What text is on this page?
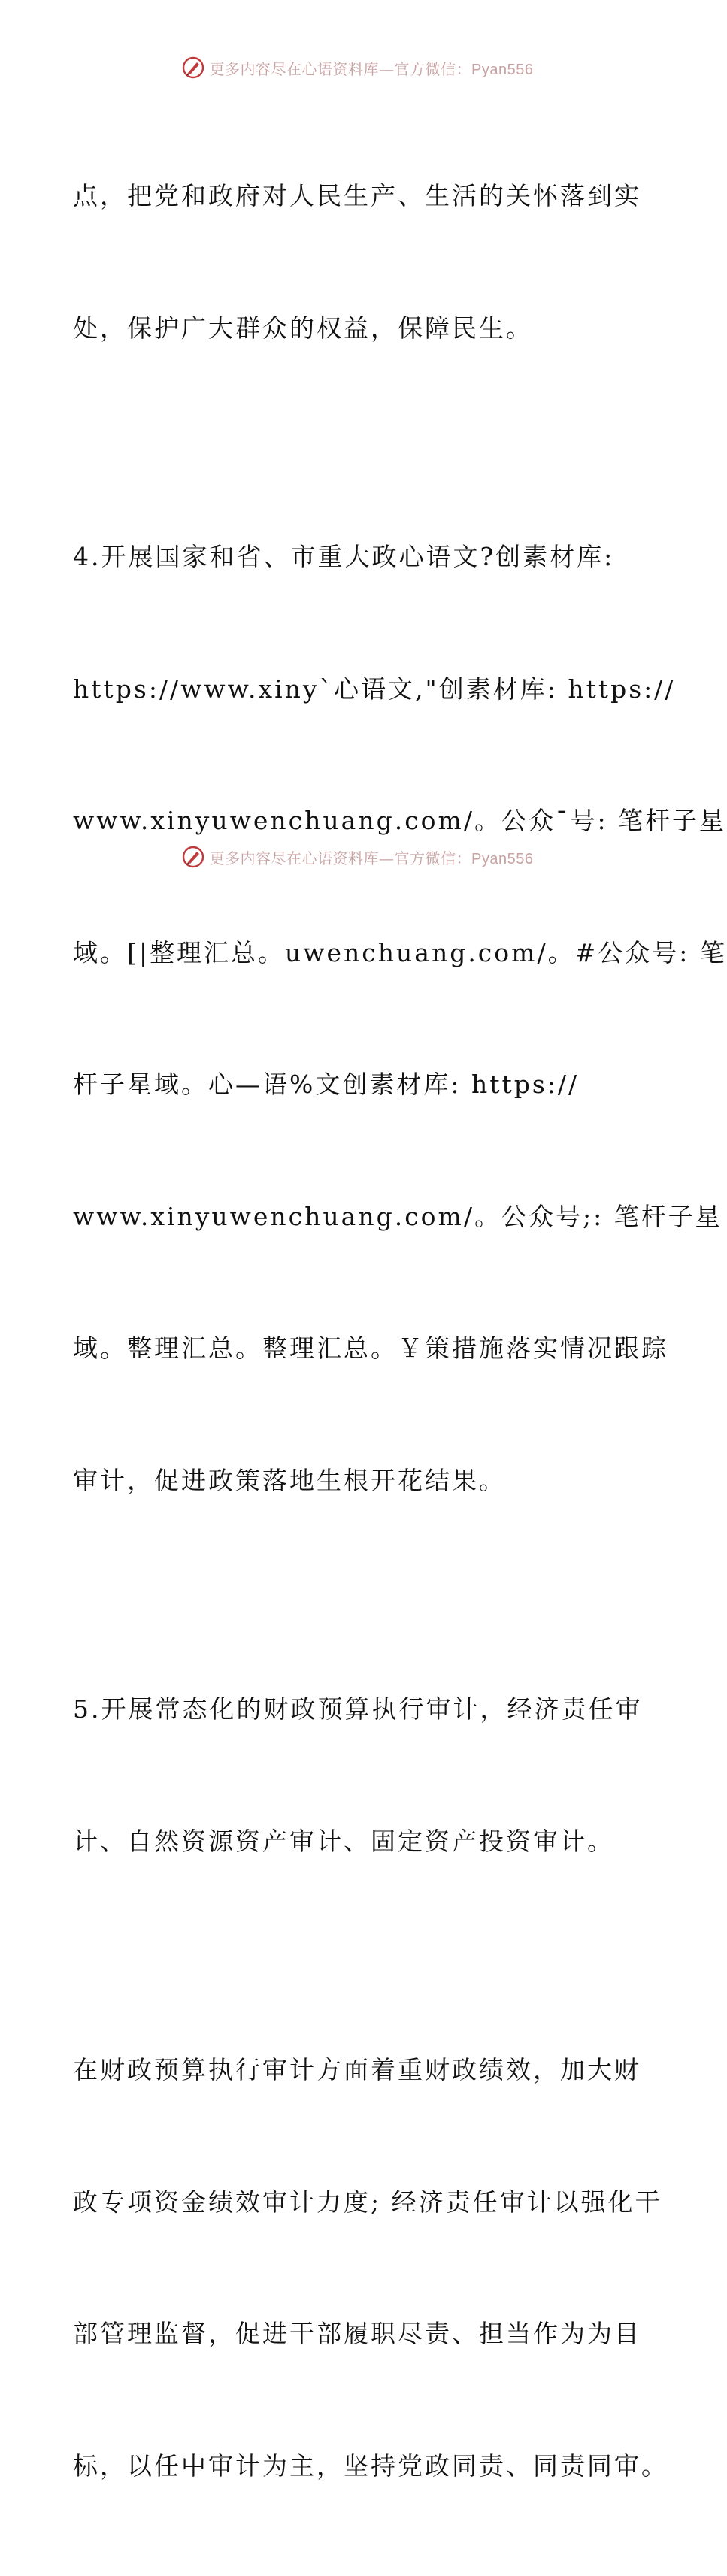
更多内容尽在心语资料库—官方微信：Pyan556

点，把党和政府对人民生产、生活的关怀落到实

处，保护广大群众的权益，保障民生。

4.开展国家和省、市重大政心语文?创素材库:

https://www.xiny`心语文,"创素材库: https://

www.xinyuwenchuang.com/。公众¯号: 笔杆子星

域。[|整理汇总。uwenchuang.com/。#公众号: 笔

杆子星域。心—语%文创素材库: https://

www.xinyuwenchuang.com/。公众号;: 笔杆子星

域。整理汇总。整理汇总。￥策措施落实情况跟踪

审计，促进政策落地生根开花结果。

5.开展常态化的财政预算执行审计，经济责任审

计、自然资源资产审计、固定资产投资审计。

在财政预算执行审计方面着重财政绩效，加大财

政专项资金绩效审计力度; 经济责任审计以强化干

部管理监督，促进干部履职尽责、担当作为为目

标，以任中审计为主，坚持党政同责、同责同审。

更多内容尽在心语资料库—官方微信：Pyan556
